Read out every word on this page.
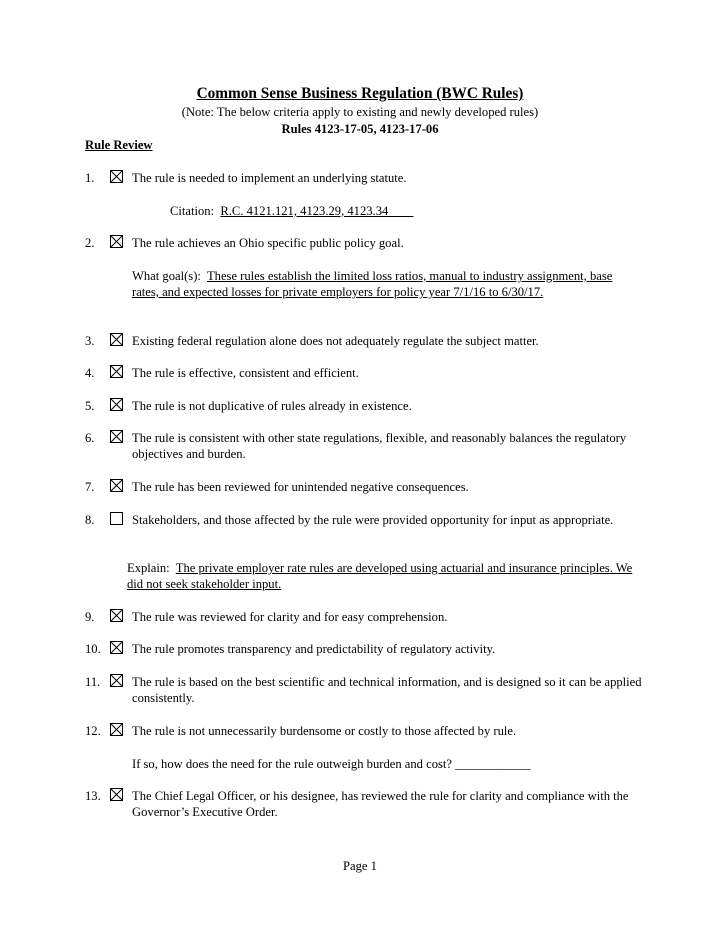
Common Sense Business Regulation (BWC Rules)
(Note: The below criteria apply to existing and newly developed rules)
Rules 4123-17-05, 4123-17-06
Rule Review
1.	The rule is needed to implement an underlying statute.
Citation: R.C. 4121.121, 4123.29, 4123.34
2.	The rule achieves an Ohio specific public policy goal.
What goal(s): These rules establish the limited loss ratios, manual to industry assignment, base rates, and expected losses for private employers for policy year 7/1/16 to 6/30/17.
3.	Existing federal regulation alone does not adequately regulate the subject matter.
4.	The rule is effective, consistent and efficient.
5.	The rule is not duplicative of rules already in existence.
6.	The rule is consistent with other state regulations, flexible, and reasonably balances the regulatory objectives and burden.
7.	The rule has been reviewed for unintended negative consequences.
8.	Stakeholders, and those affected by the rule were provided opportunity for input as appropriate.
Explain: The private employer rate rules are developed using actuarial and insurance principles. We did not seek stakeholder input.
9.	The rule was reviewed for clarity and for easy comprehension.
10. The rule promotes transparency and predictability of regulatory activity.
11.	The rule is based on the best scientific and technical information, and is designed so it can be applied consistently.
12. The rule is not unnecessarily burdensome or costly to those affected by rule.
If so, how does the need for the rule outweigh burden and cost? ____________
13. The Chief Legal Officer, or his designee, has reviewed the rule for clarity and compliance with the Governor’s Executive Order.
Page 1
